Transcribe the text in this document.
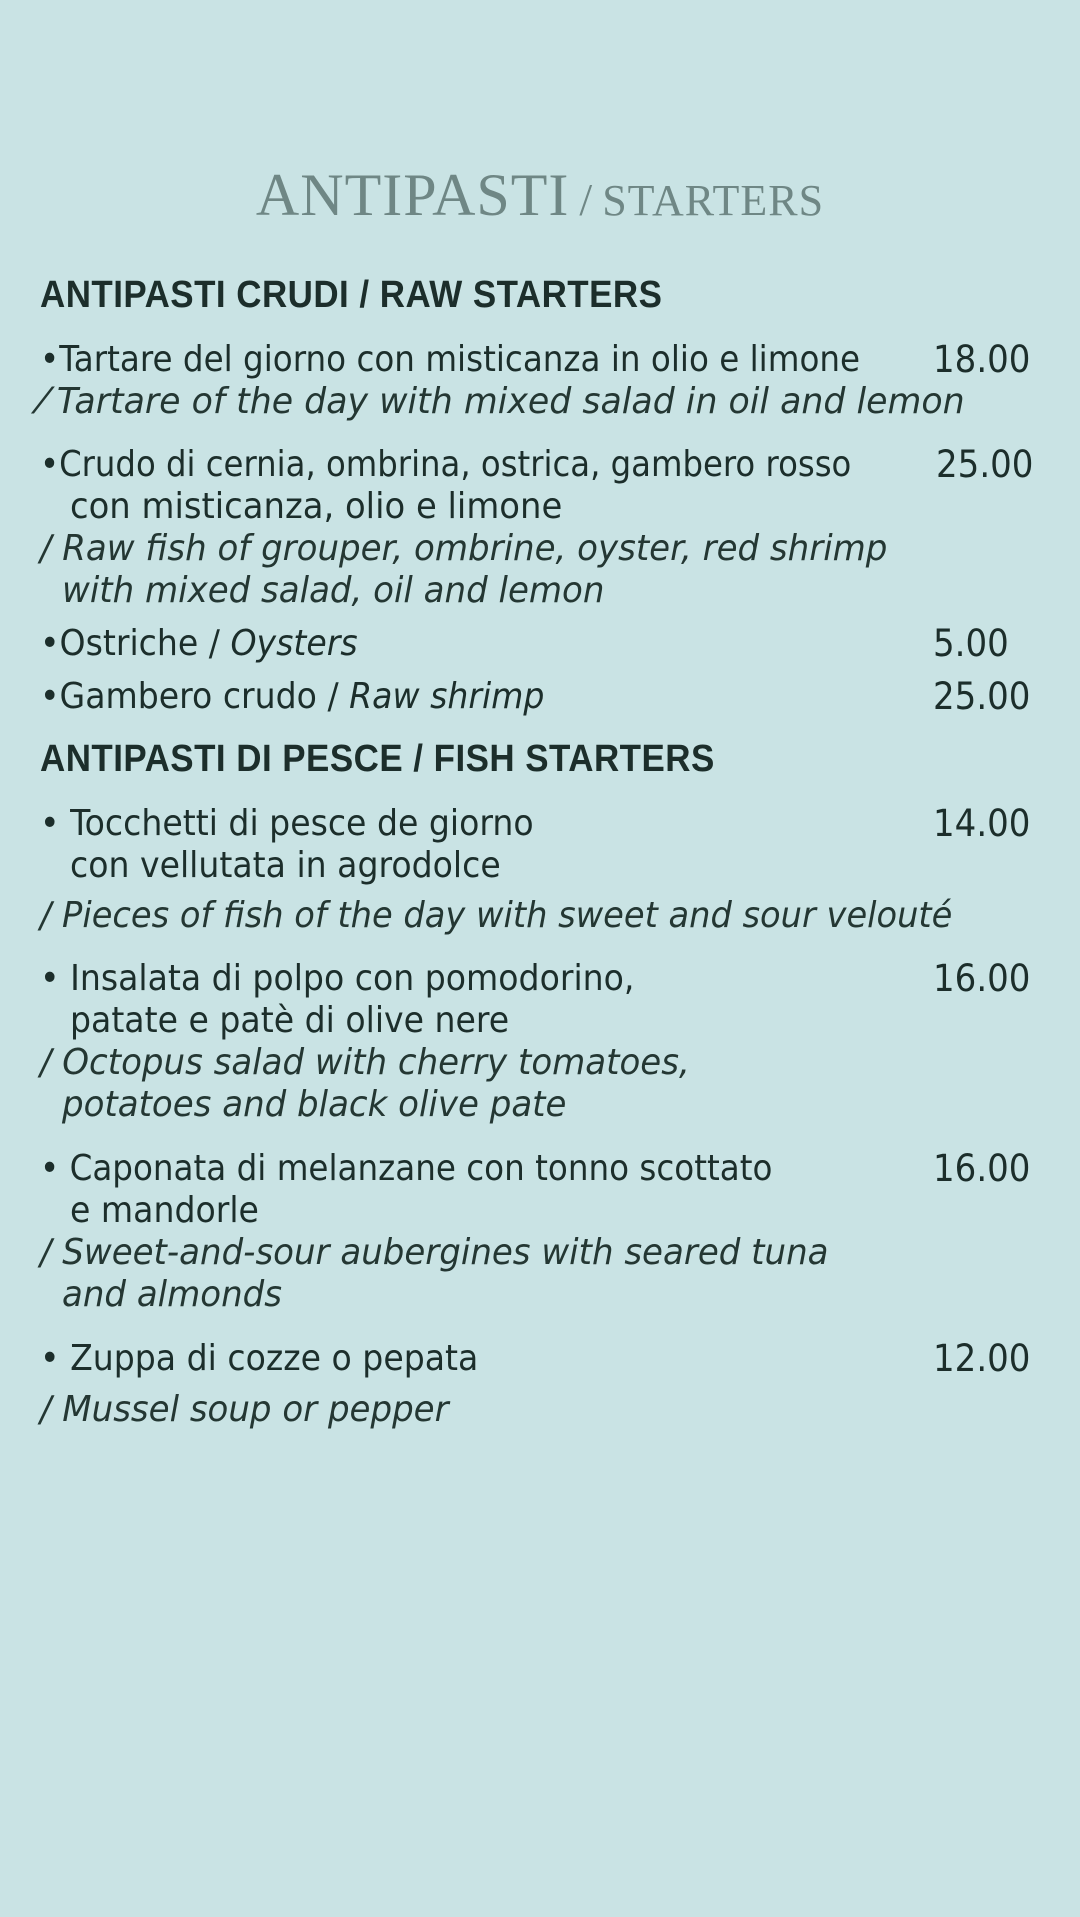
ANTIPASTI / STARTERS
ANTIPASTI CRUDI / RAW STARTERS
•Tartare del giorno con misticanza in olio e limone 18.00
⁄ Tartare of the day with mixed salad in oil and lemon
•Crudo di cernia, ombrina, ostrica, gambero rosso 25.00
con misticanza, olio e limone
/ Raw fish of grouper, ombrine, oyster, red shrimp
with mixed salad, oil and lemon
•Ostriche / Oysters	5.00
•Gambero crudo / Raw shrimp	25.00
ANTIPASTI DI PESCE / FISH STARTERS
• Tocchetti di pesce de giorno	14.00
con vellutata in agrodolce
/ Pieces of fish of the day with sweet and sour velouté
• Insalata di polpo con pomodorino,	16.00
patate e patè di olive nere
/ Octopus salad with cherry tomatoes,
potatoes and black olive pate
• Caponata di melanzane con tonno scottato	16.00
e mandorle
/ Sweet-and-sour aubergines with seared tuna
and almonds
• Zuppa di cozze o pepata	12.00
/ Mussel soup or pepper
